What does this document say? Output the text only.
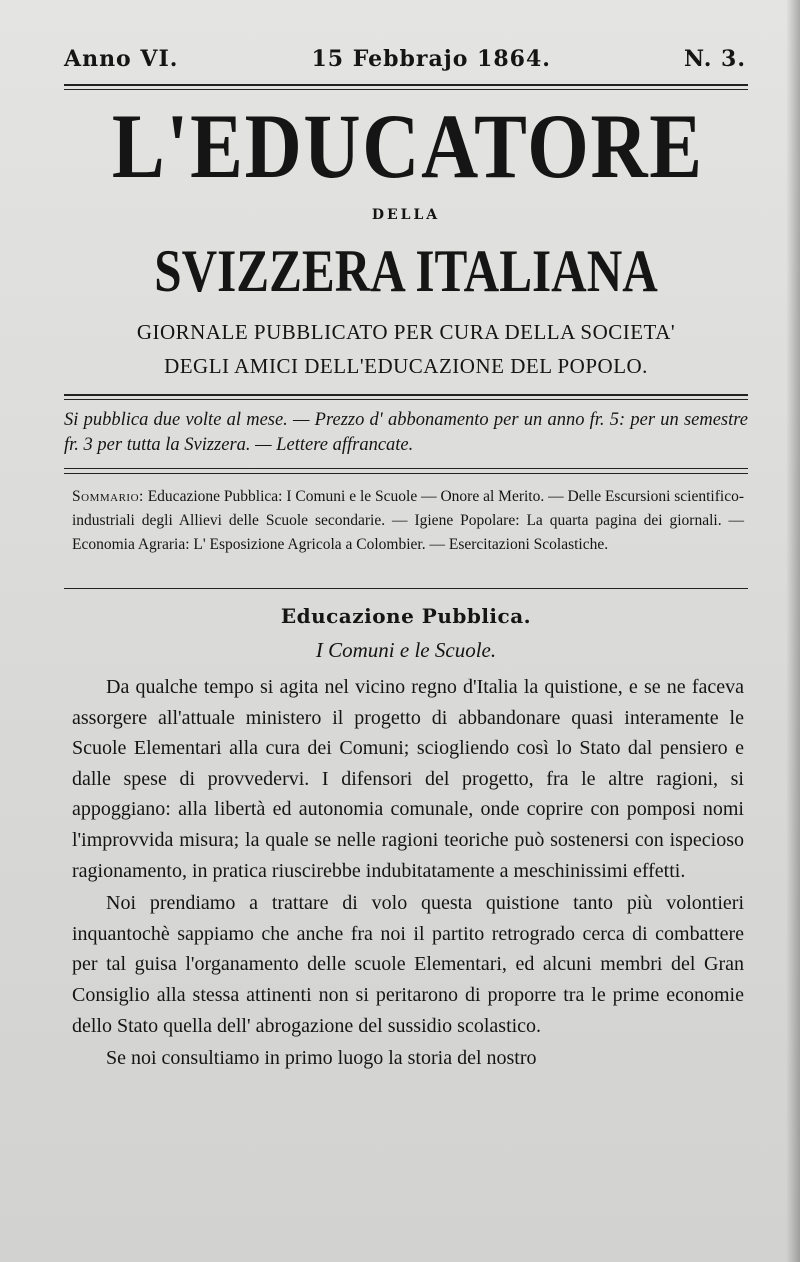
Anno VI.	15 Febbrajo 1864.	N. 3.
L'EDUCATORE
DELLA
SVIZZERA ITALIANA
GIORNALE PUBBLICATO PER CURA DELLA SOCIETA'
DEGLI AMICI DELL'EDUCAZIONE DEL POPOLO.
Si pubblica due volte al mese. — Prezzo d' abbonamento per un anno fr. 5: per un semestre fr. 3 per tutta la Svizzera. — Lettere affrancate.
Sommario: Educazione Pubblica: I Comuni e le Scuole — Onore al Merito. — Delle Escursioni scientifico-industriali degli Allievi delle Scuole secondarie. — Igiene Popolare: La quarta pagina dei giornali. — Economia Agraria: L' Esposizione Agricola a Colombier. — Esercitazioni Scolastiche.
Educazione Pubblica.
I Comuni e le Scuole.

Da qualche tempo si agita nel vicino regno d'Italia la quistione, e se ne faceva assorgere all'attuale ministero il progetto di abbandonare quasi interamente le Scuole Elementari alla cura dei Comuni; sciogliendo così lo Stato dal pensiero e dalle spese di provvedervi. I difensori del progetto, fra le altre ragioni, si appoggiano: alla libertà ed autonomia comunale, onde coprire con pomposi nomi l'improvvida misura; la quale se nelle ragioni teoriche può sostenersi con ispecioso ragionamento, in pratica riuscirebbe indubitatamente a meschinissimi effetti.

Noi prendiamo a trattare di volo questa quistione tanto più volontieri inquantochè sappiamo che anche fra noi il partito retrogrado cerca di combattere per tal guisa l'organamento delle scuole Elementari, ed alcuni membri del Gran Consiglio alla stessa attinenti non si peritarono di proporre tra le prime economie dello Stato quella dell' abrogazione del sussidio scolastico.

Se noi consultiamo in primo luogo la storia del nostro
